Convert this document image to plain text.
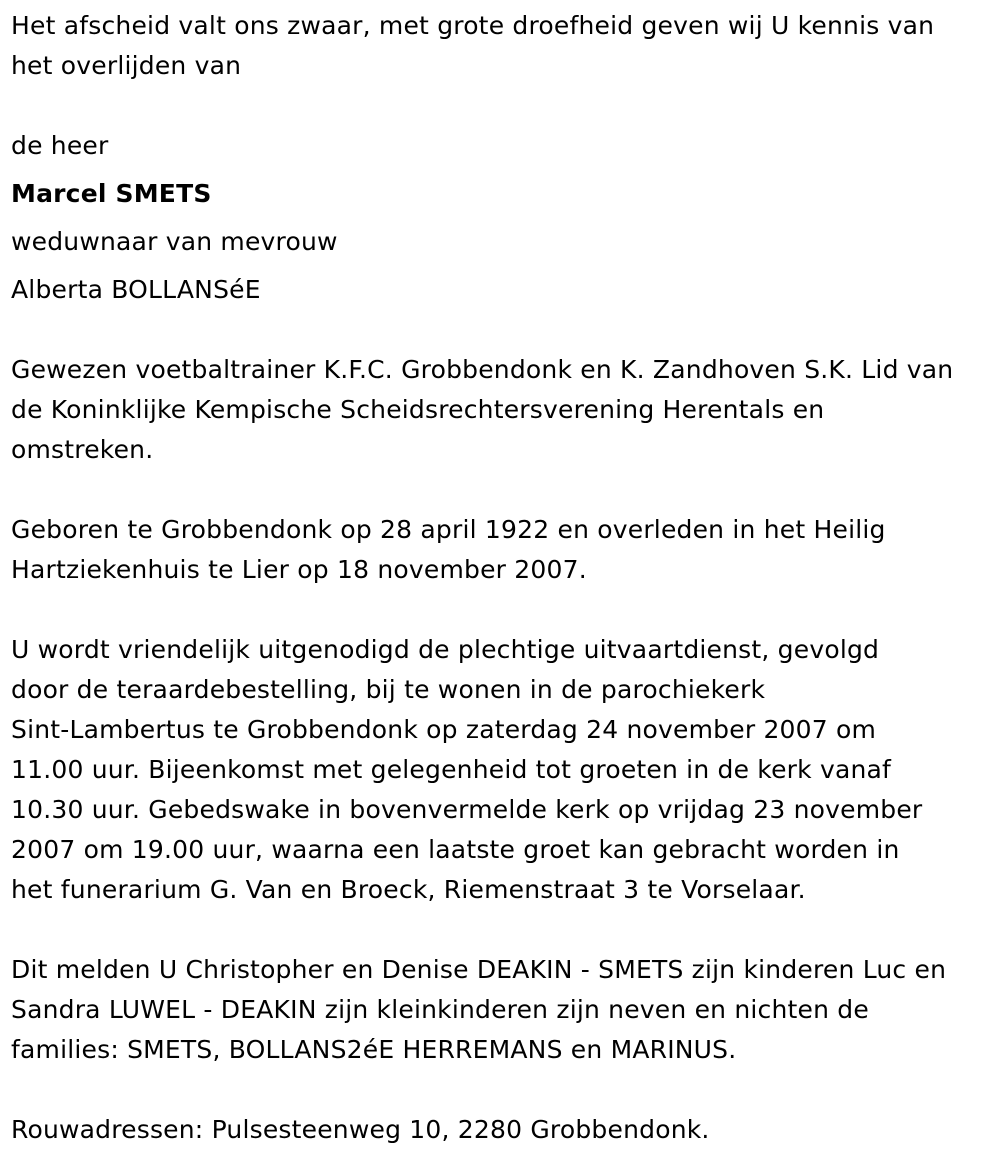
Het afscheid valt ons zwaar, met grote droefheid geven wij U kennis van
het overlijden van
de heer
Marcel SMETS
weduwnaar van mevrouw
Alberta BOLLANSéE
Gewezen voetbaltrainer K.F.C. Grobbendonk en K. Zandhoven S.K. Lid van
de Koninklijke Kempische Scheidsrechtersverening Herentals en
omstreken.
Geboren te Grobbendonk op 28 april 1922 en overleden in het Heilig
Hartziekenhuis te Lier op 18 november 2007.
U wordt vriendelijk uitgenodigd de plechtige uitvaartdienst, gevolgd
door de teraardebestelling, bij te wonen in de parochiekerk
Sint-Lambertus te Grobbendonk op zaterdag 24 november 2007 om
11.00 uur. Bijeenkomst met gelegenheid tot groeten in de kerk vanaf
10.30 uur. Gebedswake in bovenvermelde kerk op vrijdag 23 november
2007 om 19.00 uur, waarna een laatste groet kan gebracht worden in
het funerarium G. Van en Broeck, Riemenstraat 3 te Vorselaar.
Dit melden U Christopher en Denise DEAKIN - SMETS zijn kinderen Luc en
Sandra LUWEL - DEAKIN zijn kleinkinderen zijn neven en nichten de
families: SMETS, BOLLANS2éE HERREMANS en MARINUS.
Rouwadressen: Pulsesteenweg 10, 2280 Grobbendonk.
